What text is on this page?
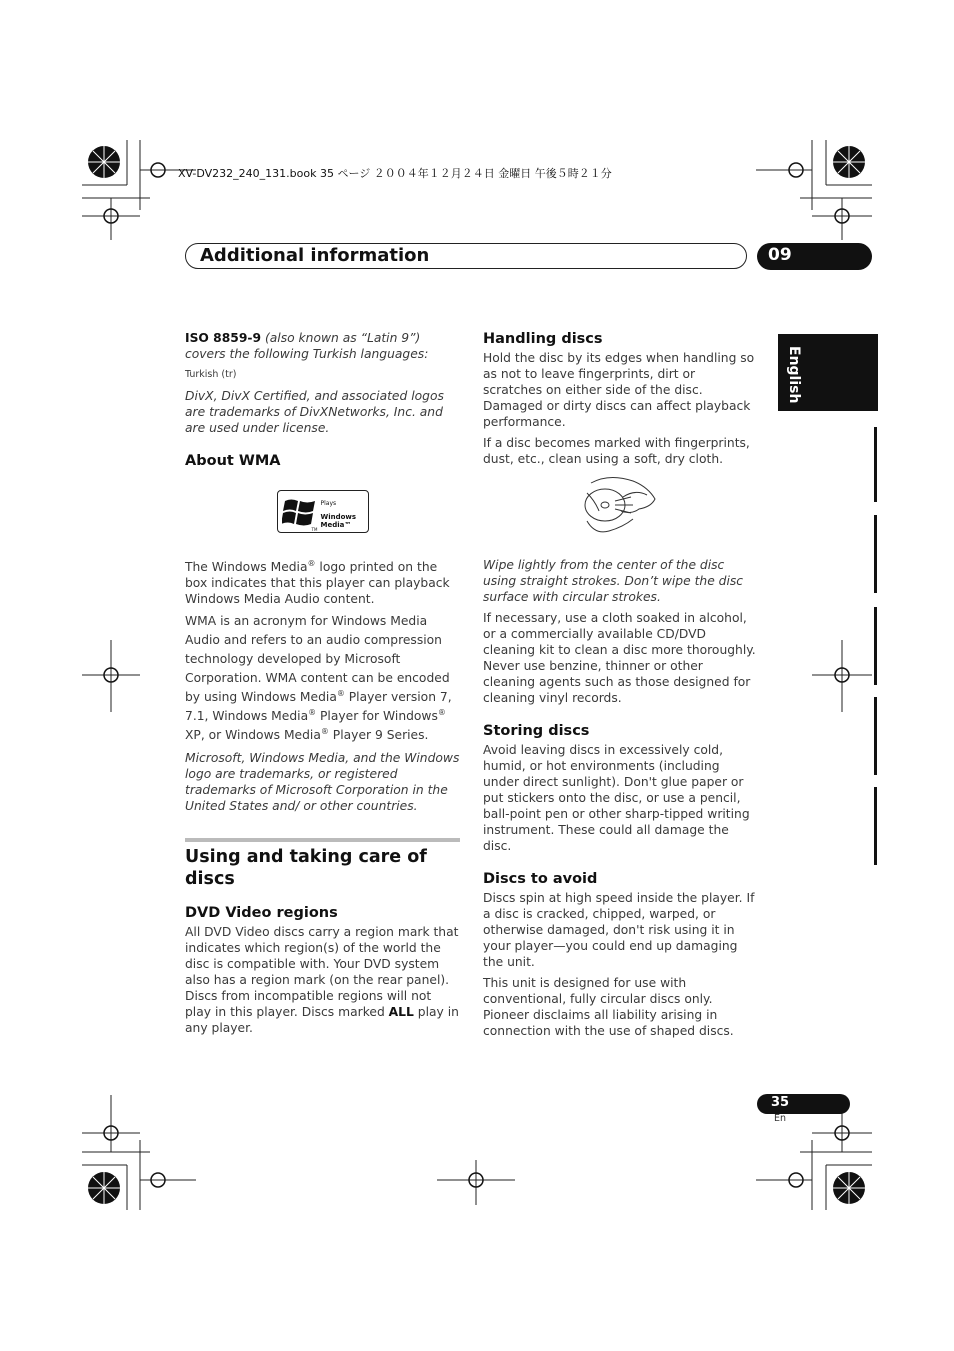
XV-DV232_240_131.book 35 ページ ２００４年１２月２４日 金曜日 午後５時２１分
Additional information	09
English

ISO 8859-9 (also known as “Latin 9”) covers the following Turkish languages:

Turkish (tr)

DivX, DivX Certified, and associated logos are trademarks of DivXNetworks, Inc. and are used under license.

About WMA
Plays
Windows
Media™
TM

The Windows Media® logo printed on the box indicates that this player can playback Windows Media Audio content.

WMA is an acronym for Windows Media Audio and refers to an audio compression technology developed by Microsoft Corporation. WMA content can be encoded by using Windows Media® Player version 7, 7.1, Windows Media® Player for Windows® XP, or Windows Media® Player 9 Series.

Microsoft, Windows Media, and the Windows logo are trademarks, or registered trademarks of Microsoft Corporation in the United States and/ or other countries.

Using and taking care of discs
DVD Video regions

All DVD Video discs carry a region mark that indicates which region(s) of the world the disc is compatible with. Your DVD system also has a region mark (on the rear panel). Discs from incompatible regions will not play in this player. Discs marked ALL play in any player.

Handling discs

Hold the disc by its edges when handling so as not to leave fingerprints, dirt or scratches on either side of the disc. Damaged or dirty discs can affect playback performance.

If a disc becomes marked with fingerprints, dust, etc., clean using a soft, dry cloth.

Wipe lightly from the center of the disc using straight strokes. Don’t wipe the disc surface with circular strokes.

If necessary, use a cloth soaked in alcohol, or a commercially available CD/DVD cleaning kit to clean a disc more thoroughly. Never use benzine, thinner or other cleaning agents such as those designed for cleaning vinyl records.

Storing discs

Avoid leaving discs in excessively cold, humid, or hot environments (including under direct sunlight). Don't glue paper or put stickers onto the disc, or use a pencil, ball-point pen or other sharp-tipped writing instrument. These could all damage the disc.

Discs to avoid

Discs spin at high speed inside the player. If a disc is cracked, chipped, warped, or otherwise damaged, don't risk using it in your player—you could end up damaging the unit.

This unit is designed for use with conventional, fully circular discs only. Pioneer disclaims all liability arising in connection with the use of shaped discs.

35
En
